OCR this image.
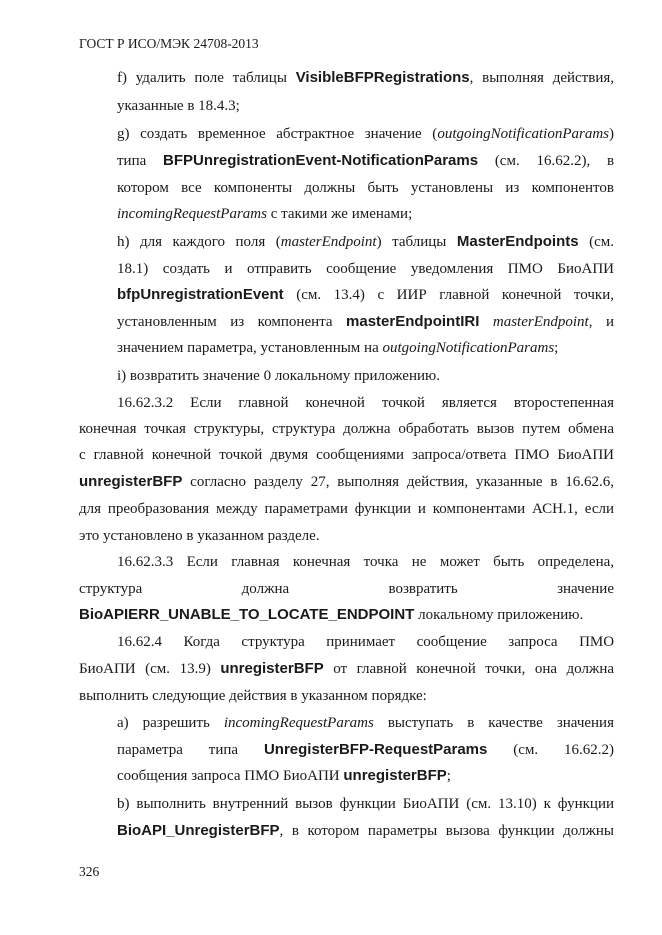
ГОСТ Р ИСО/МЭК 24708-2013
f) удалить поле таблицы VisibleBFPRegistrations, выполняя действия,
указанные в 18.4.3;
g) создать временное абстрактное значение (outgoingNotificationParams)
типа BFPUnregistrationEvent-NotificationParams (см. 16.62.2), в
котором все компоненты должны быть установлены из компонентов
incomingRequestParams с такими же именами;
h) для каждого поля (masterEndpoint) таблицы MasterEndpoints (см.
18.1) создать и отправить сообщение уведомления ПМО БиоАПИ
bfpUnregistrationEvent (см. 13.4) с ИИР главной конечной точки,
установленным из компонента masterEndpointIRI masterEndpoint, и
значением параметра, установленным на outgoingNotificationParams;
i) возвратить значение 0 локальному приложению.
16.62.3.2 Если главной конечной точкой является второстепенная
конечная точкая структуры, структура должна обработать вызов путем обмена
с главной конечной точкой двумя сообщениями запроса/ответа ПМО БиоАПИ
unregisterBFP согласно разделу 27, выполняя действия, указанные в 16.62.6,
для преобразования между параметрами функции и компонентами АСН.1, если
это установлено в указанном разделе.
16.62.3.3 Если главная конечная точка не может быть определена,
структура	должна	возвратить	значение
BioAPIERR_UNABLE_TO_LOCATE_ENDPOINT локальному приложению.
16.62.4 Когда структура принимает сообщение запроса ПМО
БиоАПИ (см. 13.9) unregisterBFP от главной конечной точки, она должна
выполнить следующие действия в указанном порядке:
a) разрешить incomingRequestParams выступать в качестве значения
параметра типа UnregisterBFP-RequestParams (см. 16.62.2)
сообщения запроса ПМО БиоАПИ unregisterBFP;
b) выполнить внутренний вызов функции БиоАПИ (см. 13.10) к функции
BioAPI_UnregisterBFP, в котором параметры вызова функции должны
326
